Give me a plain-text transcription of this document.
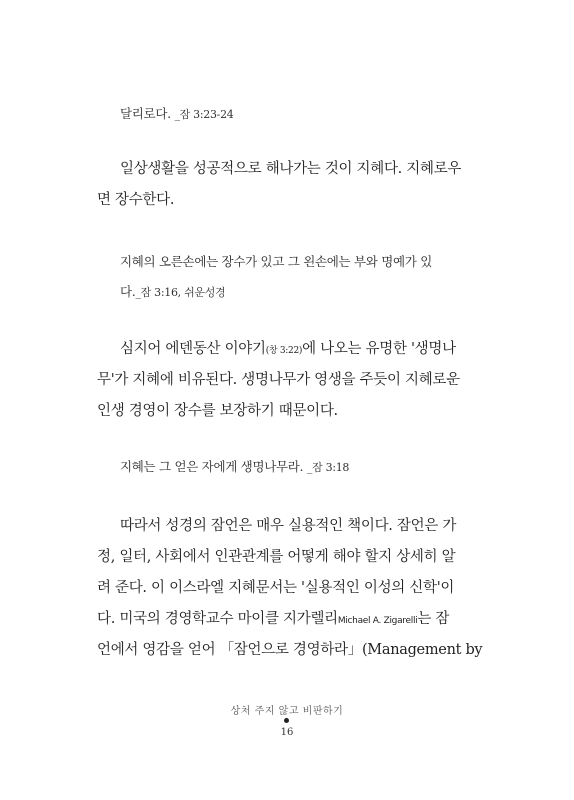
달리로다. _잠 3:23-24
일상생활을 성공적으로 해나가는 것이 지혜다. 지혜로우
면 장수한다.
지혜의 오른손에는 장수가 있고 그 왼손에는 부와 명예가 있
다._잠 3:16, 쉬운성경
심지어 에덴동산 이야기(창 3:22)에 나오는 유명한 '생명나
무'가 지혜에 비유된다. 생명나무가 영생을 주듯이 지혜로운
인생 경영이 장수를 보장하기 때문이다.
지혜는 그 얻은 자에게 생명나무라. _잠 3:18
따라서 성경의 잠언은 매우 실용적인 책이다. 잠언은 가
정, 일터, 사회에서 인관관계를 어떻게 해야 할지 상세히 알
려 준다. 이 이스라엘 지혜문서는 '실용적인 이성의 신학'이
다. 미국의 경영학교수 마이클 지가렐리Michael A. Zigarelli는 잠
언에서 영감을 얻어 「잠언으로 경영하라」(Management by
상처 주지 않고 비판하기
16
